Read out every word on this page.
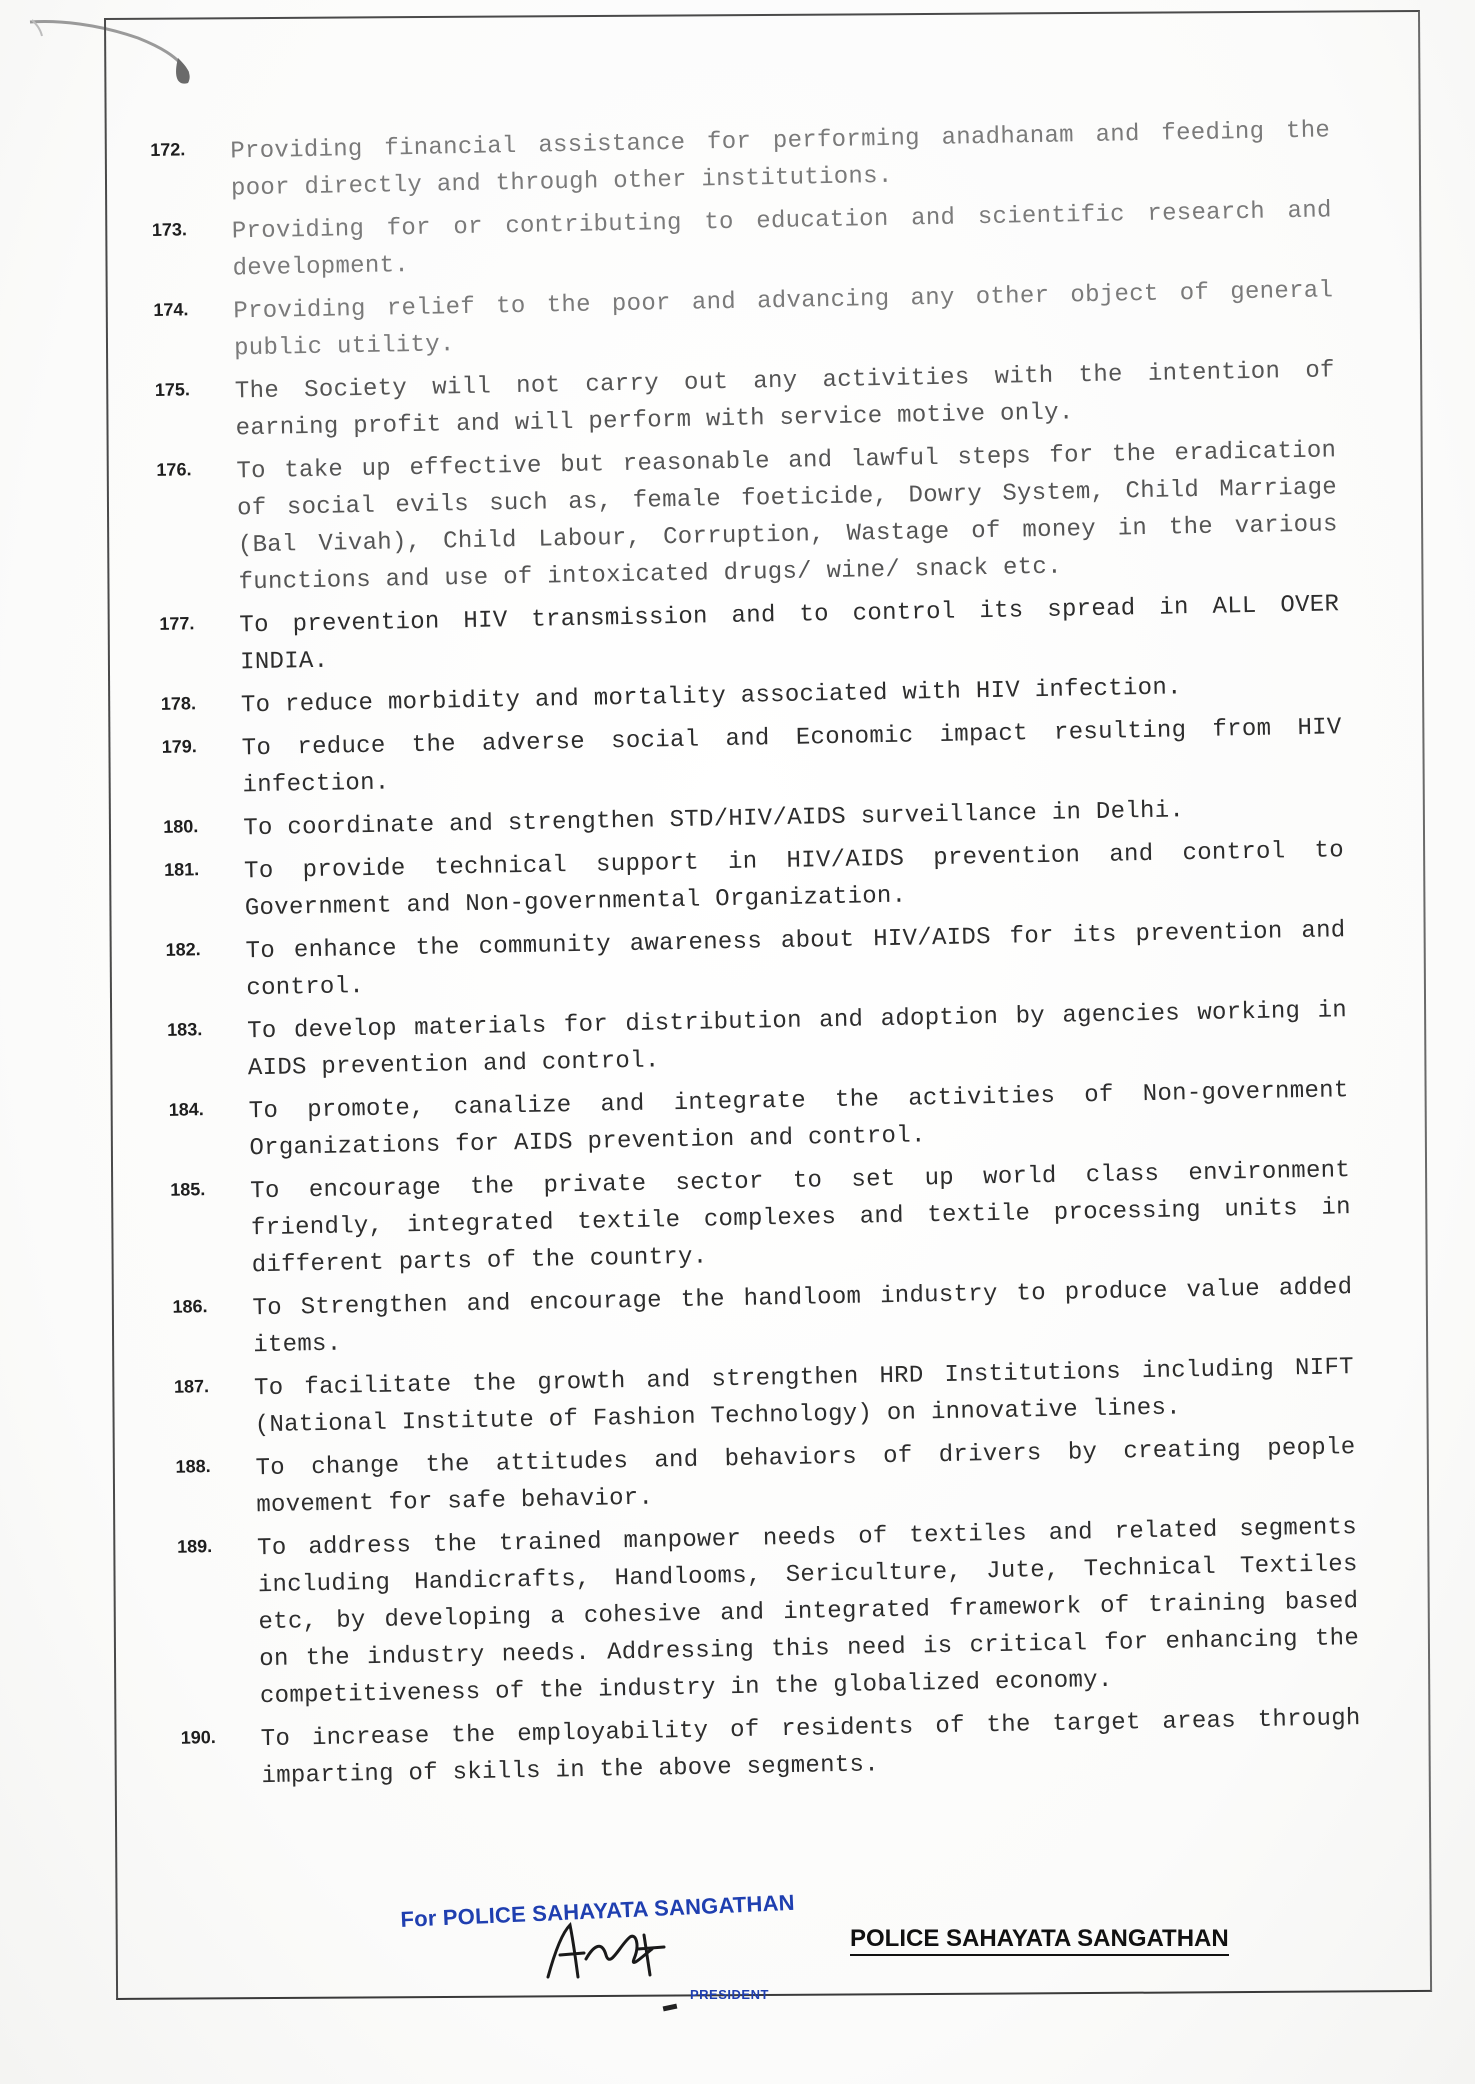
172.	Providing financial assistance for performing anadhanam and feeding the poor directly and through other institutions.
173.	Providing for or contributing to education and scientific research and development.
174.	Providing relief to the poor and advancing any other object of general public utility.
175.	The Society will not carry out any activities with the intention of earning profit and will perform with service motive only.
176.	To take up effective but reasonable and lawful steps for the eradication of social evils such as, female foeticide, Dowry System, Child Marriage (Bal Vivah), Child Labour, Corruption, Wastage of money in the various functions and use of intoxicated drugs/ wine/ snack etc.
177.	To prevention HIV transmission and to control its spread in ALL OVER INDIA.
178.	To reduce morbidity and mortality associated with HIV infection.
179.	To reduce the adverse social and Economic impact resulting from HIV infection.
180.	To coordinate and strengthen STD/HIV/AIDS surveillance in Delhi.
181.	To provide technical support in HIV/AIDS prevention and control to Government and Non-governmental Organization.
182.	To enhance the community awareness about HIV/AIDS for its prevention and control.
183.	To develop materials for distribution and adoption by agencies working in AIDS prevention and control.
184.	To promote, canalize and integrate the activities of Non-government Organizations for AIDS prevention and control.
185.	To encourage the private sector to set up world class environment friendly, integrated textile complexes and textile processing units in different parts of the country.
186.	To Strengthen and encourage the handloom industry to produce value added items.
187.	To facilitate the growth and strengthen HRD Institutions including NIFT (National Institute of Fashion Technology) on innovative lines.
188.	To change the attitudes and behaviors of drivers by creating people movement for safe behavior.
189.	To address the trained manpower needs of textiles and related segments including Handicrafts, Handlooms, Sericulture, Jute, Technical Textiles etc, by developing a cohesive and integrated framework of training based on the industry needs. Addressing this need is critical for enhancing the competitiveness of the industry in the globalized economy.
190.	To increase the employability of residents of the target areas through imparting of skills in the above segments.
For POLICE SAHAYATA SANGATHAN
PRESIDENT
POLICE SAHAYATA SANGATHAN
